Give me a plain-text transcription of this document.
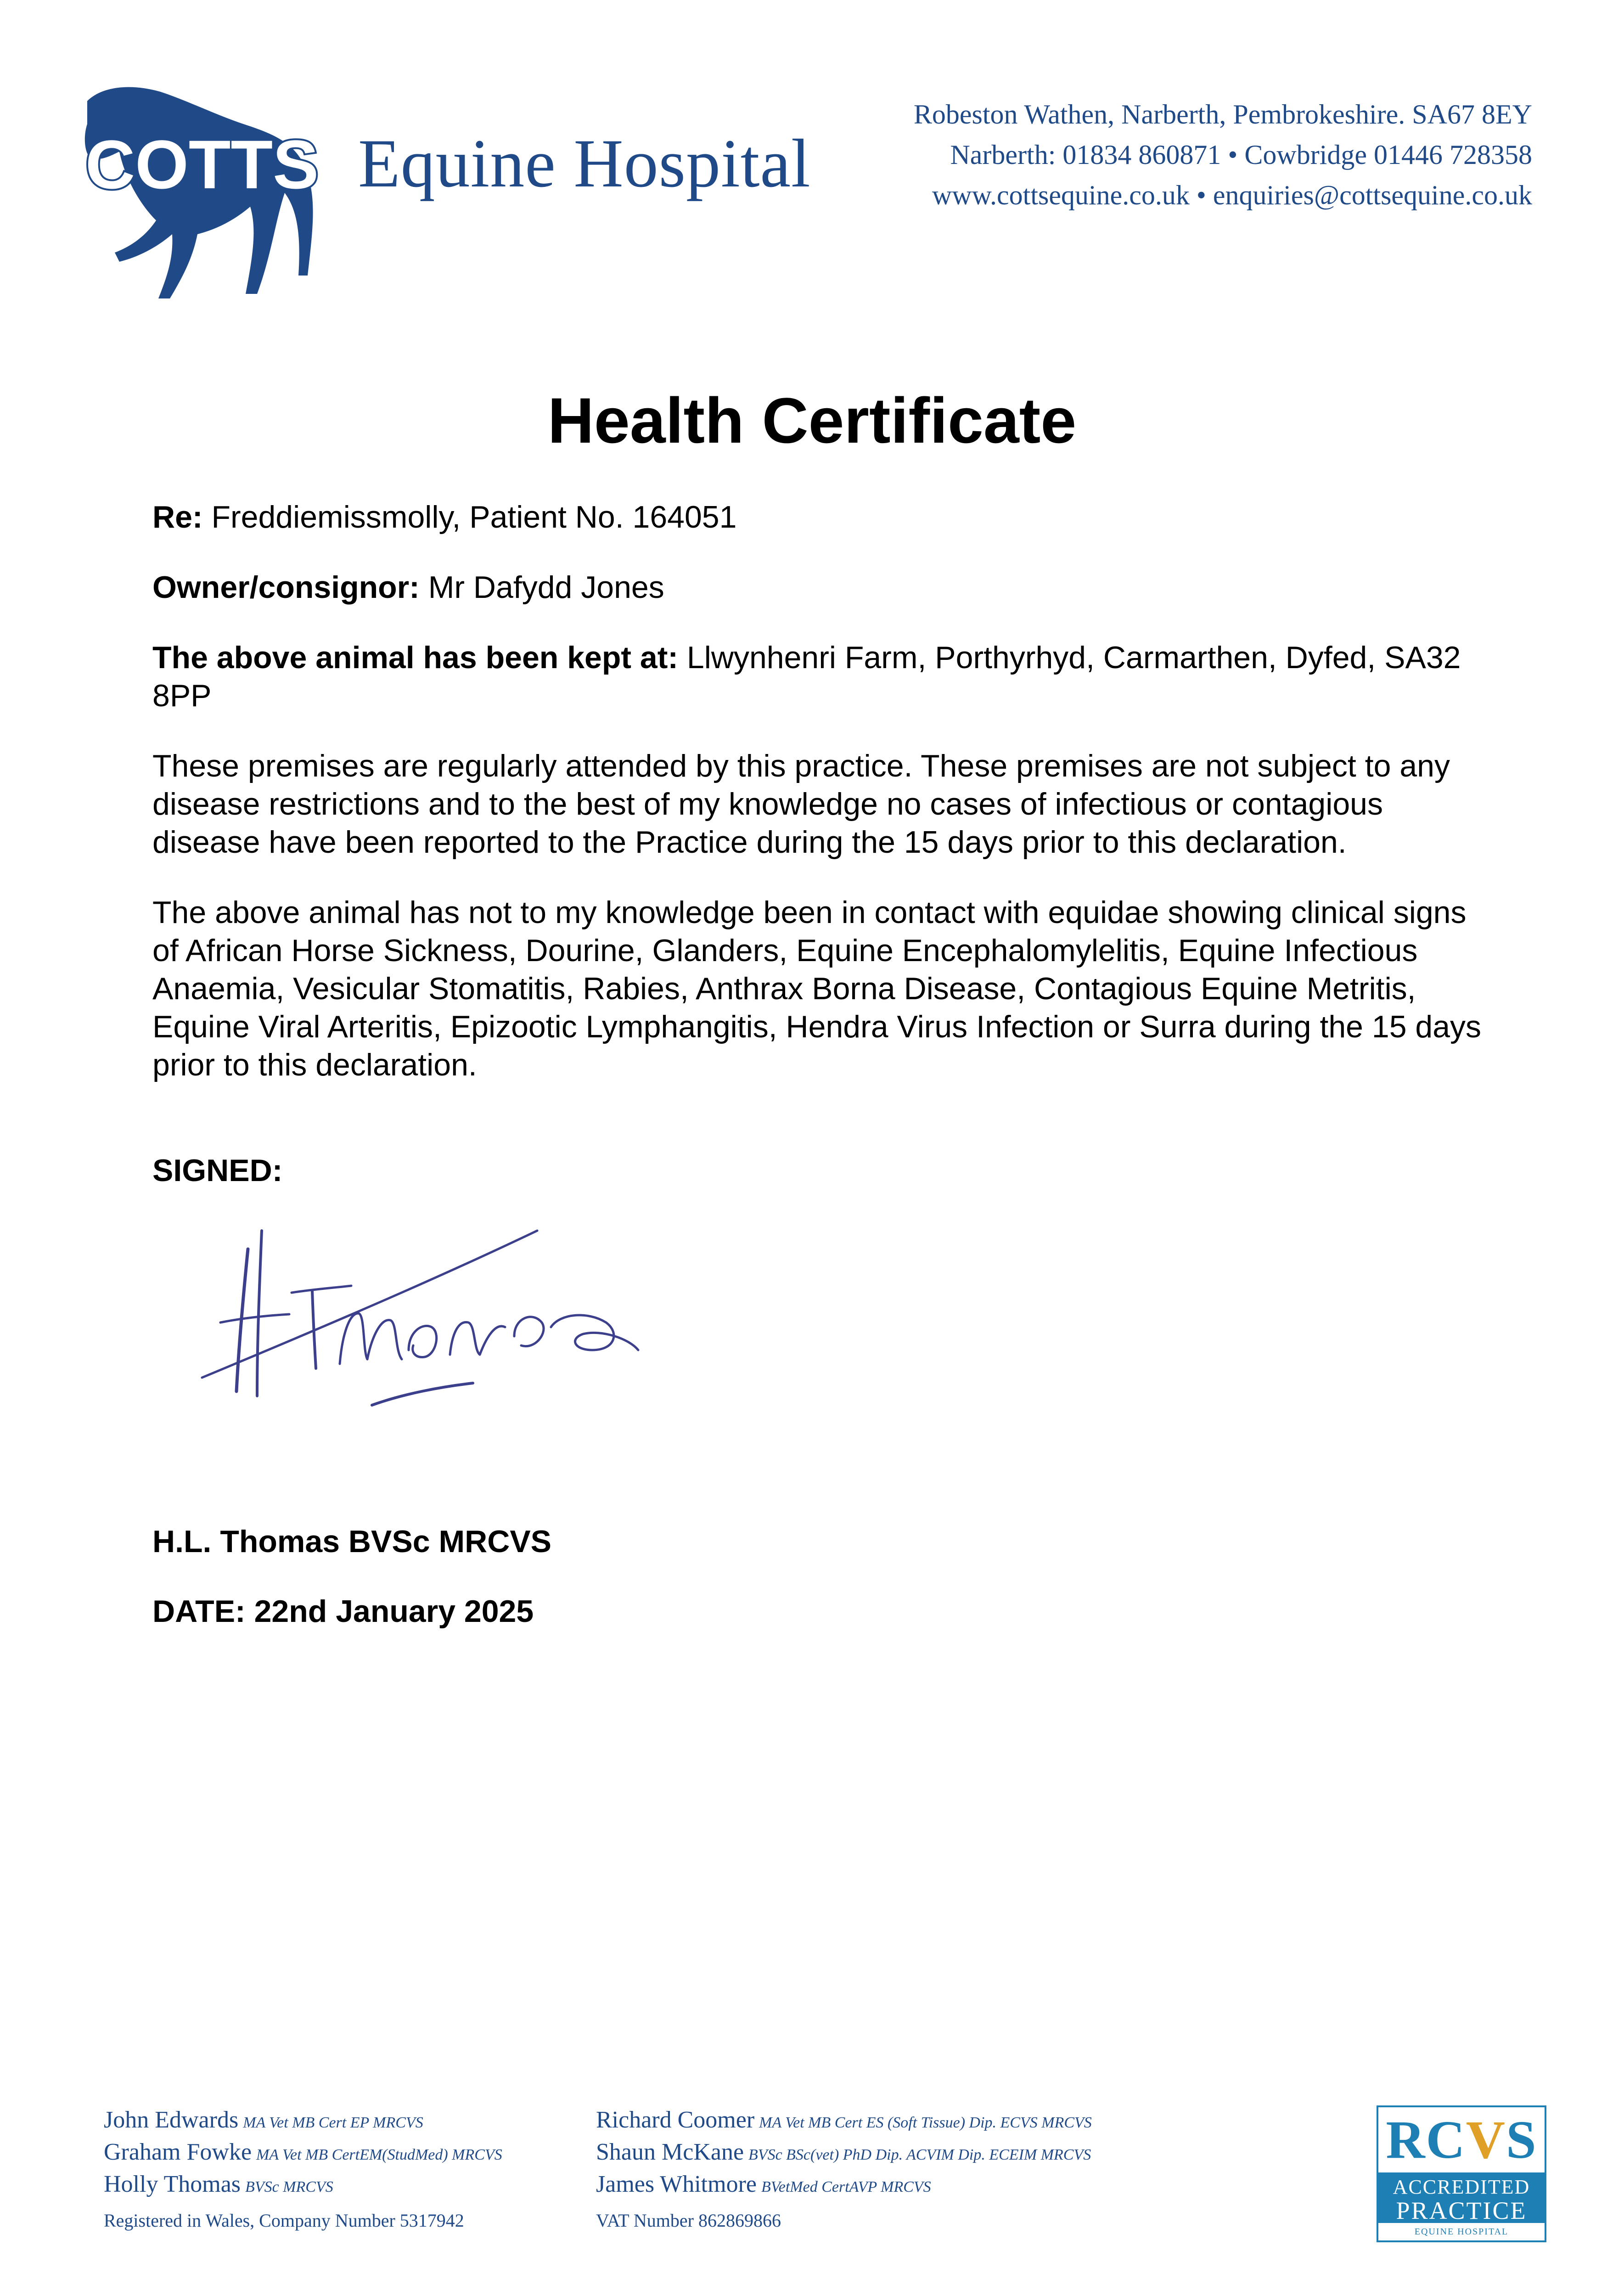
COTTS Equine Hospital
Robeston Wathen, Narberth, Pembrokeshire. SA67 8EY
Narberth: 01834 860871 • Cowbridge 01446 728358
www.cottsequine.co.uk • enquiries@cottsequine.co.uk
Health Certificate

Re: Freddiemissmolly, Patient No. 164051

Owner/consignor: Mr Dafydd Jones

The above animal has been kept at: Llwynhenri Farm, Porthyrhyd, Carmarthen, Dyfed, SA32 8PP

These premises are regularly attended by this practice. These premises are not subject to any disease restrictions and to the best of my knowledge no cases of infectious or contagious disease have been reported to the Practice during the 15 days prior to this declaration.

The above animal has not to my knowledge been in contact with equidae showing clinical signs of African Horse Sickness, Dourine, Glanders, Equine Encephalomylelitis, Equine Infectious Anaemia, Vesicular Stomatitis, Rabies, Anthrax Borna Disease, Contagious Equine Metritis, Equine Viral Arteritis, Epizootic Lymphangitis, Hendra Virus Infection or Surra during the 15 days prior to this declaration.

SIGNED:
H.L. Thomas BVSc MRCVS
DATE: 22nd January 2025
John Edwards MA Vet MB Cert EP MRCVS
Graham Fowke MA Vet MB CertEM(StudMed) MRCVS
Holly Thomas BVSc MRCVS
Richard Coomer MA Vet MB Cert ES (Soft Tissue) Dip. ECVS MRCVS
Shaun McKane BVSc BSc(vet) PhD Dip. ACVIM Dip. ECEIM MRCVS
James Whitmore BVetMed CertAVP MRCVS
Registered in Wales, Company Number 5317942	VAT Number 862869866
RCVS
ACCREDITED
PRACTICE
EQUINE HOSPITAL
